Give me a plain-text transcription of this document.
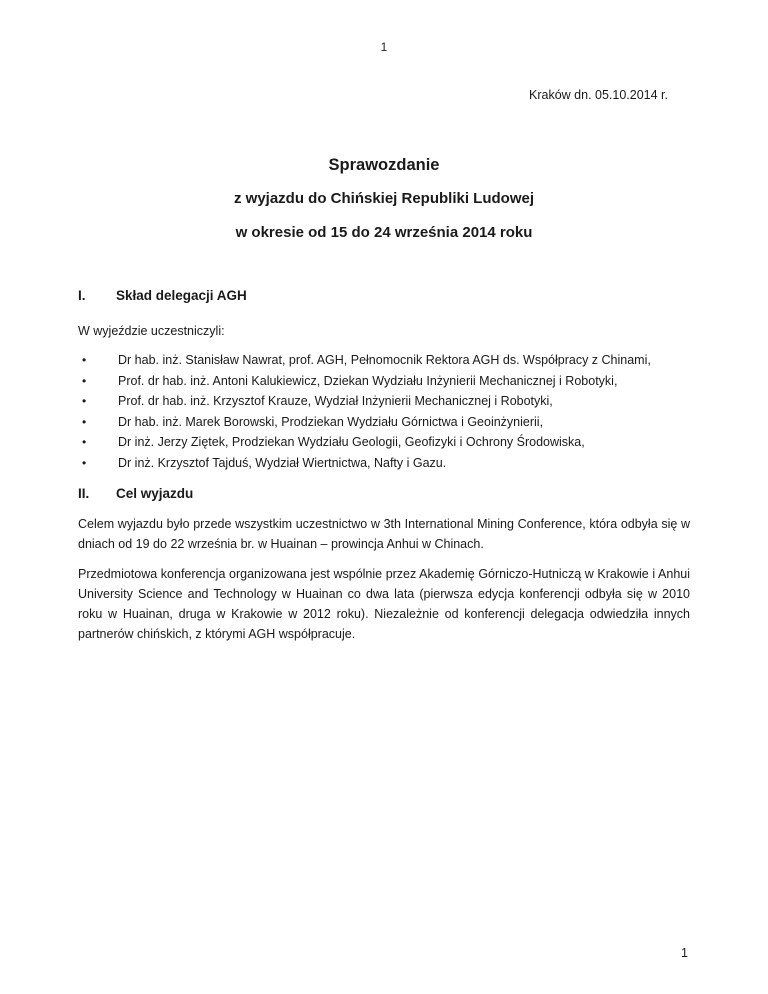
1
Kraków dn. 05.10.2014 r.
Sprawozdanie
z wyjazdu do Chińskiej Republiki Ludowej
w okresie od 15 do 24 września 2014 roku
I.	Skład delegacji AGH
W wyjeździe uczestniczyli:
•	Dr hab. inż. Stanisław Nawrat, prof. AGH, Pełnomocnik Rektora AGH ds. Współpracy z Chinami,
•	Prof. dr hab. inż. Antoni Kalukiewicz, Dziekan Wydziału Inżynierii Mechanicznej i Robotyki,
•	Prof. dr hab. inż. Krzysztof Krauze, Wydział Inżynierii Mechanicznej i Robotyki,
•	Dr hab. inż. Marek Borowski, Prodziekan Wydziału Górnictwa i Geoinżynierii,
•	Dr inż. Jerzy Ziętek, Prodziekan Wydziału Geologii, Geofizyki i Ochrony Środowiska,
•	Dr inż. Krzysztof Tajduś, Wydział Wiertnictwa, Nafty i Gazu.
II.	Cel wyjazdu
Celem wyjazdu było przede wszystkim uczestnictwo w 3th International Mining Conference, która odbyła się w dniach od 19 do 22 września br. w Huainan – prowincja Anhui w Chinach.
Przedmiotowa konferencja organizowana jest wspólnie przez Akademię Górniczo-Hutniczą w Krakowie i Anhui University Science and Technology w Huainan co dwa lata (pierwsza edycja konferencji odbyła się w 2010 roku w Huainan, druga w Krakowie w 2012 roku). Niezależnie od konferencji delegacja odwiedziła innych partnerów chińskich, z którymi AGH współpracuje.
1
